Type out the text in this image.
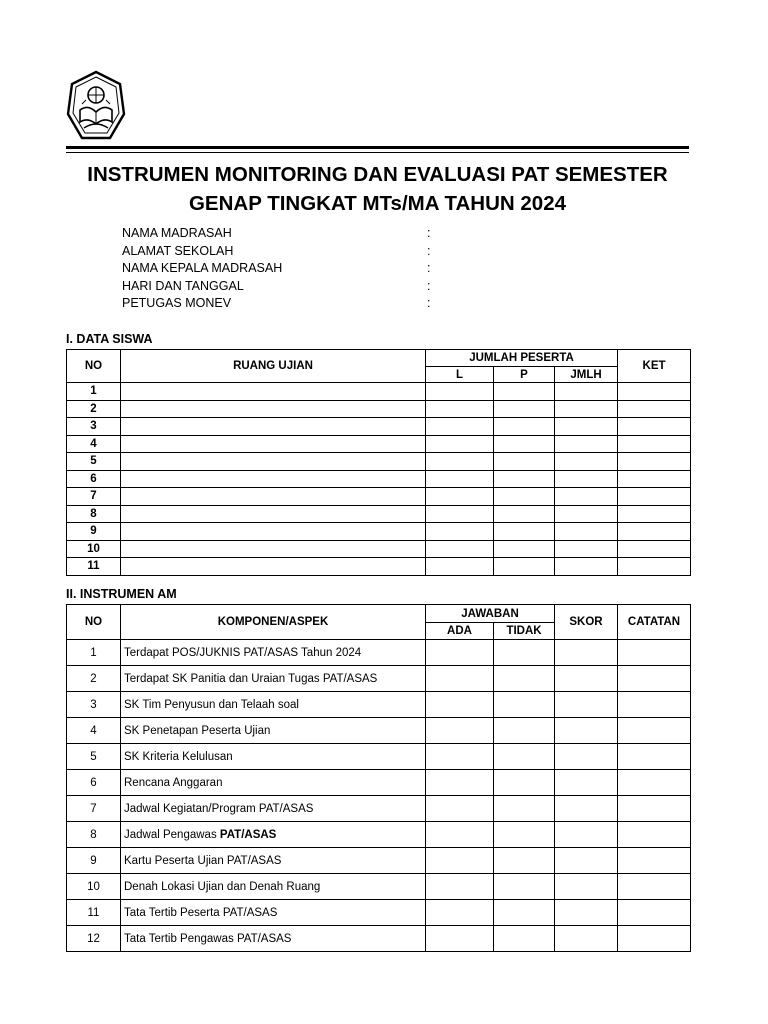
INSTRUMEN MONITORING DAN EVALUASI PAT SEMESTER
GENAP TINGKAT MTs/MA TAHUN 2024
NAMA MADRASAH	:
ALAMAT SEKOLAH	:
NAMA KEPALA MADRASAH	:
HARI DAN TANGGAL	:
PETUGAS MONEV	:
I. DATA SISWA
NO	RUANG UJIAN	JUMLAH PESERTA			KET
		L	P	JMLH	
1					
2					
3					
4					
5					
6					
7					
8					
9					
10					
11					
II. INSTRUMEN AM
NO	KOMPONEN/ASPEK	JAWABAN		SKOR	CATATAN
		ADA	TIDAK		
1	Terdapat POS/JUKNIS PAT/ASAS Tahun 2024				
2	Terdapat SK Panitia dan Uraian Tugas PAT/ASAS				
3	SK Tim Penyusun dan Telaah soal				
4	SK Penetapan Peserta Ujian				
5	SK Kriteria Kelulusan				
6	Rencana Anggaran				
7	Jadwal Kegiatan/Program PAT/ASAS				
8	Jadwal Pengawas PAT/ASAS				
9	Kartu Peserta Ujian PAT/ASAS				
10	Denah Lokasi Ujian dan Denah Ruang				
11	Tata Tertib Peserta PAT/ASAS				
12	Tata Tertib Pengawas PAT/ASAS				
